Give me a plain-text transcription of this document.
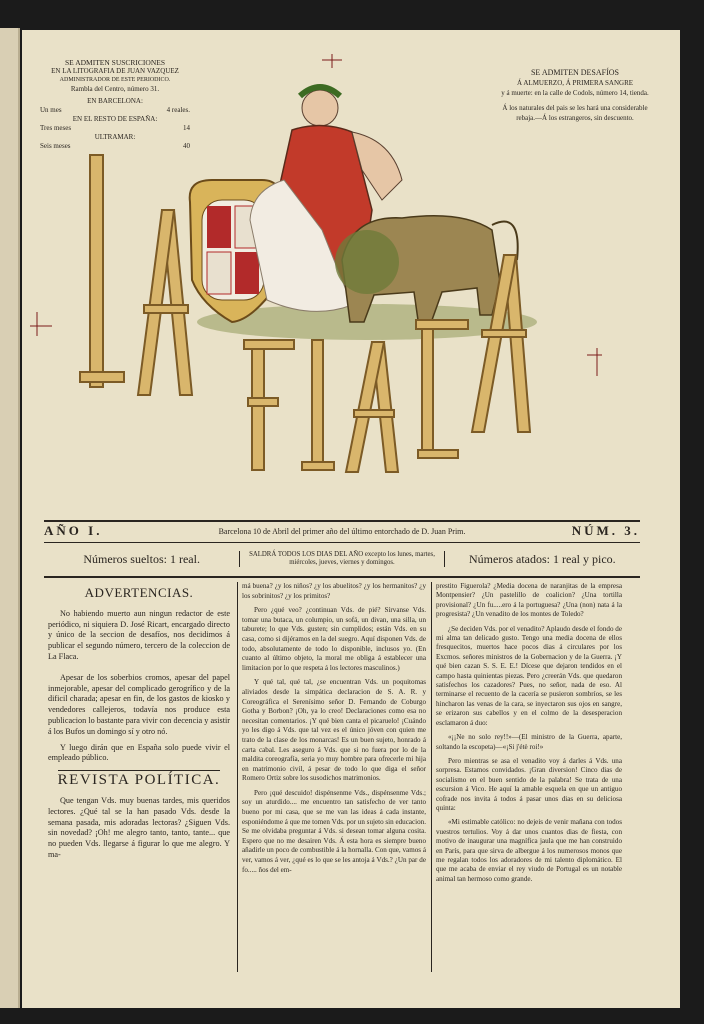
SE ADMITEN SUSCRICIONES
EN LA LITOGRAFIA DE JUAN VAZQUEZ
ADMINISTRADOR DE ESTE PERIODICO.
Rambla del Centro, número 31.
EN BARCELONA:
Un mes	4 reales.
EN EL RESTO DE ESPAÑA:
Tres meses	14
ULTRAMAR:
Seis meses	40
SE ADMITEN DESAFÍOS
Á ALMUERZO, Á PRIMERA SANGRE
y á muerte: en la calle de Codols, número 14, tienda.
Á los naturales del pais se les hará una considerable rebaja.—Á los estrangeros, sin descuento.
AÑO I.	Barcelona 10 de Abril del primer año del último entorchado de D. Juan Prim.	NÚM. 3.
Números sueltos: 1 real.	SALDRÁ TODOS LOS DIAS DEL AÑO excepto los lunes, martes, miércoles, jueves, viernes y domingos.	Números atados: 1 real y pico.
ADVERTENCIAS.

No habiendo muerto aun ningun redactor de este periódico, ni siquiera D. José Ricart, encargado directo y único de la seccion de desafíos, nos decidimos á publicar el segundo número, tercero de la coleccion de La Flaca.

Apesar de los soberbios cromos, apesar del papel inmejorable, apesar del complicado gerogríﬁco y de la dificil charada; apesar en fin, de los gastos de kiosko y vendedores callejeros, todavía nos produce esta publicacion lo bastante para vivir con decencia y asistir á los Bufos un domingo sí y otro nó.

Y luego dirán que en España solo puede vivir el empleado público.

REVISTA POLÍTICA.

Que tengan Vds. muy buenas tardes, mis queridos lectores. ¿Qué tal se la han pasado Vds. desde la semana pasada, mis adoradas lectoras? ¿Siguen Vds. sin novedad? ¡Oh! me alegro tanto, tanto, tante... que no pueden Vds. llegarse á figurar lo que me alegro. Y ma-

má buena? ¿y los niños? ¿y los abuelitos? ¿y los hermanitos? ¿y los sobrinitos? ¿y los primitos?

Pero ¿qué veo? ¿continuan Vds. de pié? Sírvanse Vds. tomar una butaca, un columpio, un sofá, un divan, una silla, un taburete; lo que Vds. gusten; sin cumplidos; están Vds. en su casa, como si dijéramos en la del suegro. Aquí disponen Vds. de todo, absolutamente de todo lo disponible, inclusos yo. (En cuanto al último objeto, la moral me obliga á establecer una limitacion por lo que respeta á los lectores masculinos.)

Y qué tal, qué tal, ¿se encuentran Vds. un poquitomas aliviados desde la simpática declaracion de S. A. R. y Coreográfica el Serenísimo señor D. Fernando de Coburgo Gotha y Borbon? ¡Oh, ya lo creo! Declaraciones como esa no necesitan comentarios. ¡Y qué bien canta el picaruelo! ¡Cuándo yo les digo á Vds. que tal vez es el único jóven con quien me trato de la clase de los monarcas! Es un buen sujeto, honrado á carta cabal. Les aseguro á Vds. que si no fuera por lo de la maldita coreografía, seria yo muy hombre para ofrecerle mi hija en matrimonio civil, á pesar de todo lo que diga el señor Romero Ortiz sobre los susodichos matrimonios.

Pero ¡qué descuido! dispénsenme Vds., dispénsenme Vds.; soy un aturdido.... me encuentro tan satisfecho de ver tanto bueno por mi casa, que se me van las ideas á cada instante, esponiéndome á que me tomen Vds. por un sujeto sin educacion. Se me olvidaba preguntar á Vds. si desean tomar alguna cosita. Espero que no me desairen Vds. Á esta hora es siempre bueno añadirle un poco de combustible á la hornalla. Con que, vamos á ver, vamos á ver, ¿qué es lo que se les antoja á Vds.? ¿Un par de fo..... ños del em-

prestito Figuerola? ¿Media docena de naranjitas de la empresa Montpensier? ¿Un pastelillo de coalicion? ¿Una tortilla provisional? ¿Un fu.....ero á la portuguesa? ¿Una (non) nata á la progresista? ¿Un venadito de los montes de Toledo?

¿Se deciden Vds. por el venadito? Aplaudo desde el fondo de mi alma tan delicado gusto. Tengo una media docena de ellos fresquecitos, muertos hace pocos dias á circulares por los Excmos. señores ministros de la Gobernacion y de la Guerra. ¡Y qué bien cazan S. S. E. E.! Dícese que dejaron tendidos en el campo hasta quinientas piezas. Pero ¿creerán Vds. que quedaron satisfechos los cazadores? Pues, no señor, nada de eso. Al terminarse el recuento de la cacería se pusieron sombríos, se les hincharon las venas de la cara, se inyectaron sus ojos en sangre, se erizaron sus cabellos y en el colmo de la desesperacion esclamaron á duo:

«¡¡Ne no solo rey!!»—(El ministro de la Guerra, aparte, soltando la escopeta)—«¡Si j'étè roi!»

Pero mientras se asa el venadito voy á darles á Vds. una sorpresa. Estamos convidados. ¡Gran diversion! Cinco dias de socialismo en el buen sentido de la palabra! Se trata de una escursion á Vico. He aquí la amable esquela en que un antiguo cofrade nos invita á todos á pasar unos dias en su deliciosa quinta:

«Mi estimable católico: no dejeis de venir mañana con todos vuestros tertulios. Voy á dar unos cuantos dias de fiesta, con motivo de inaugurar una magnífica jaula que me han construido en París, para que sirva de albergue á los numerosos monos que me regalan todos los adoradores de mi talento diplomático. El que me acaba de enviar el rey viudo de Portugal es un notable animal tan hermoso como grande.
